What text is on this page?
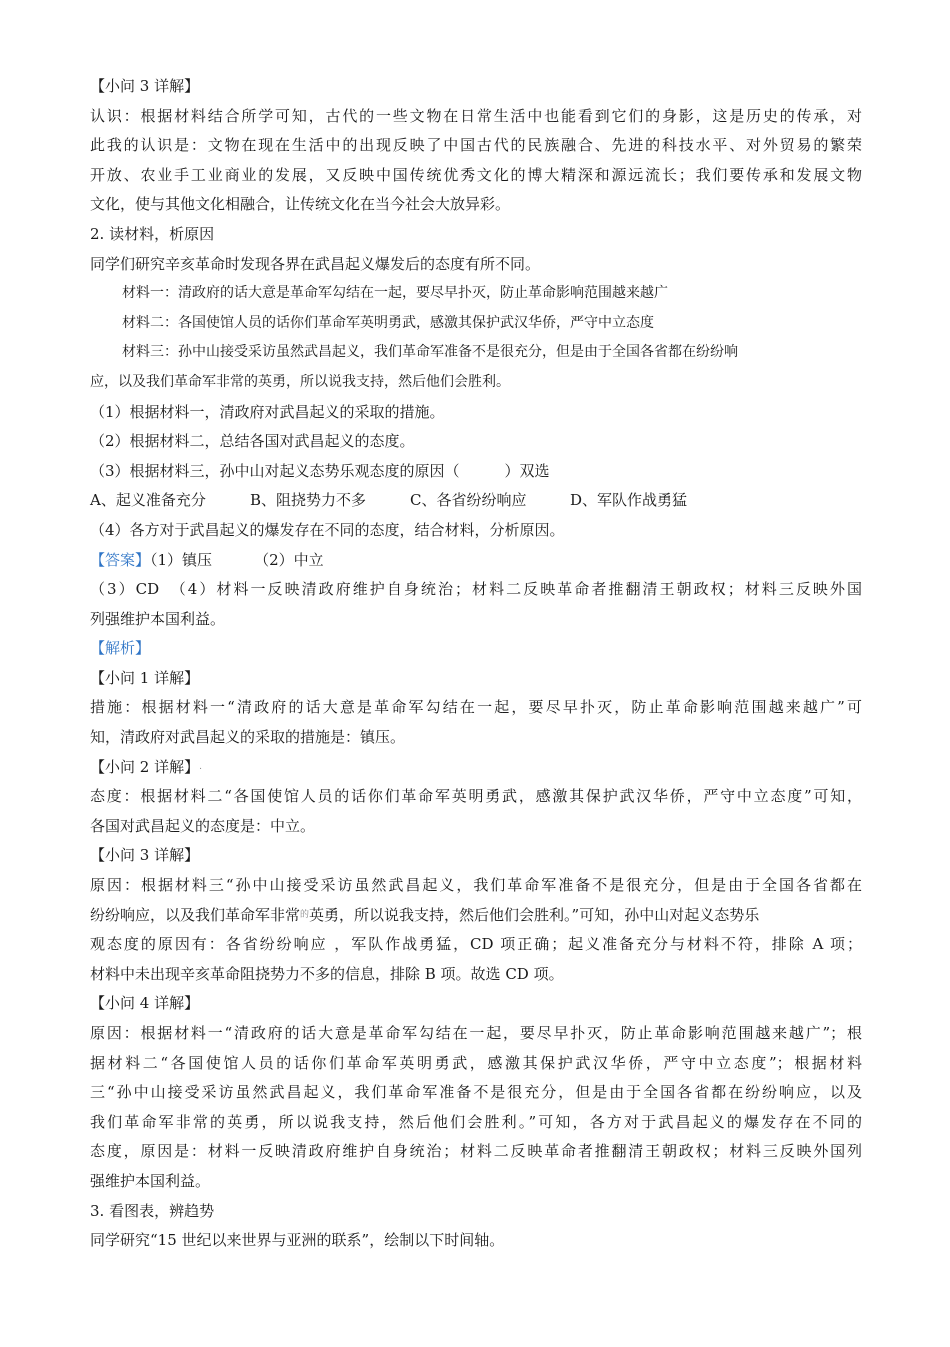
【小问 3 详解】
认识：根据材料结合所学可知，古代的一些文物在日常生活中也能看到它们的身影，这是历史的传承，对
此我的认识是：文物在现在生活中的出现反映了中国古代的民族融合、先进的科技水平、对外贸易的繁荣
开放、农业手工业商业的发展，又反映中国传统优秀文化的博大精深和源远流长；我们要传承和发展文物
文化，使与其他文化相融合，让传统文化在当今社会大放异彩。
2. 读材料，析原因
同学们研究辛亥革命时发现各界在武昌起义爆发后的态度有所不同。
材料一：清政府的话大意是革命军勾结在一起，要尽早扑灭，防止革命影响范围越来越广
材料二：各国使馆人员的话你们革命军英明勇武，感激其保护武汉华侨，严守中立态度
材料三：孙中山接受采访虽然武昌起义，我们革命军准备不是很充分，但是由于全国各省都在纷纷响
应，以及我们革命军非常的英勇，所以说我支持，然后他们会胜利。
（1）根据材料一，清政府对武昌起义的采取的措施。
（2）根据材料二，总结各国对武昌起义的态度。
（3）根据材料三，孙中山对起义态势乐观态度的原因（　　　）双选
A、起义准备充分	B、阻挠势力不多	C、各省纷纷响应	D、军队作战勇猛
（4）各方对于武昌起义的爆发存在不同的态度，结合材料，分析原因。
【答案】（1）镇压	（2）中立
（3）CD　（4）材料一反映清政府维护自身统治；材料二反映革命者推翻清王朝政权；材料三反映外国
列强维护本国利益。
【解析】
【小问 1 详解】
措施：根据材料一“清政府的话大意是革命军勾结在一起，要尽早扑灭，防止革命影响范围越来越广”可
知，清政府对武昌起义的采取的措施是：镇压。
【小问 2 详解】.
态度：根据材料二“各国使馆人员的话你们革命军英明勇武，感激其保护武汉华侨，严守中立态度”可知，
各国对武昌起义的态度是：中立。
【小问 3 详解】
原因：根据材料三“孙中山接受采访虽然武昌起义，我们革命军准备不是很充分，但是由于全国各省都在
纷纷响应，以及我们革命军非常$^的$英勇，所以说我支持，然后他们会胜利。”可知，孙中山对起义态势乐
观态度的原因有：各省纷纷响应 ，军队作战勇猛，CD 项正确；起义准备充分与材料不符，排除 A 项；
材料中未出现辛亥革命阻挠势力不多的信息，排除 B 项。故选 CD 项。
【小问 4 详解】
原因：根据材料一“清政府的话大意是革命军勾结在一起，要尽早扑灭，防止革命影响范围越来越广”；根
据材料二“各国使馆人员的话你们革命军英明勇武，感激其保护武汉华侨，严守中立态度”；根据材料
三“孙中山接受采访虽然武昌起义，我们革命军准备不是很充分，但是由于全国各省都在纷纷响应，以及
我们革命军非常的英勇，所以说我支持，然后他们会胜利。”可知，各方对于武昌起义的爆发存在不同的
态度，原因是：材料一反映清政府维护自身统治；材料二反映革命者推翻清王朝政权；材料三反映外国列
强维护本国利益。
3. 看图表，辨趋势
同学研究“15 世纪以来世界与亚洲的联系”，绘制以下时间轴。
